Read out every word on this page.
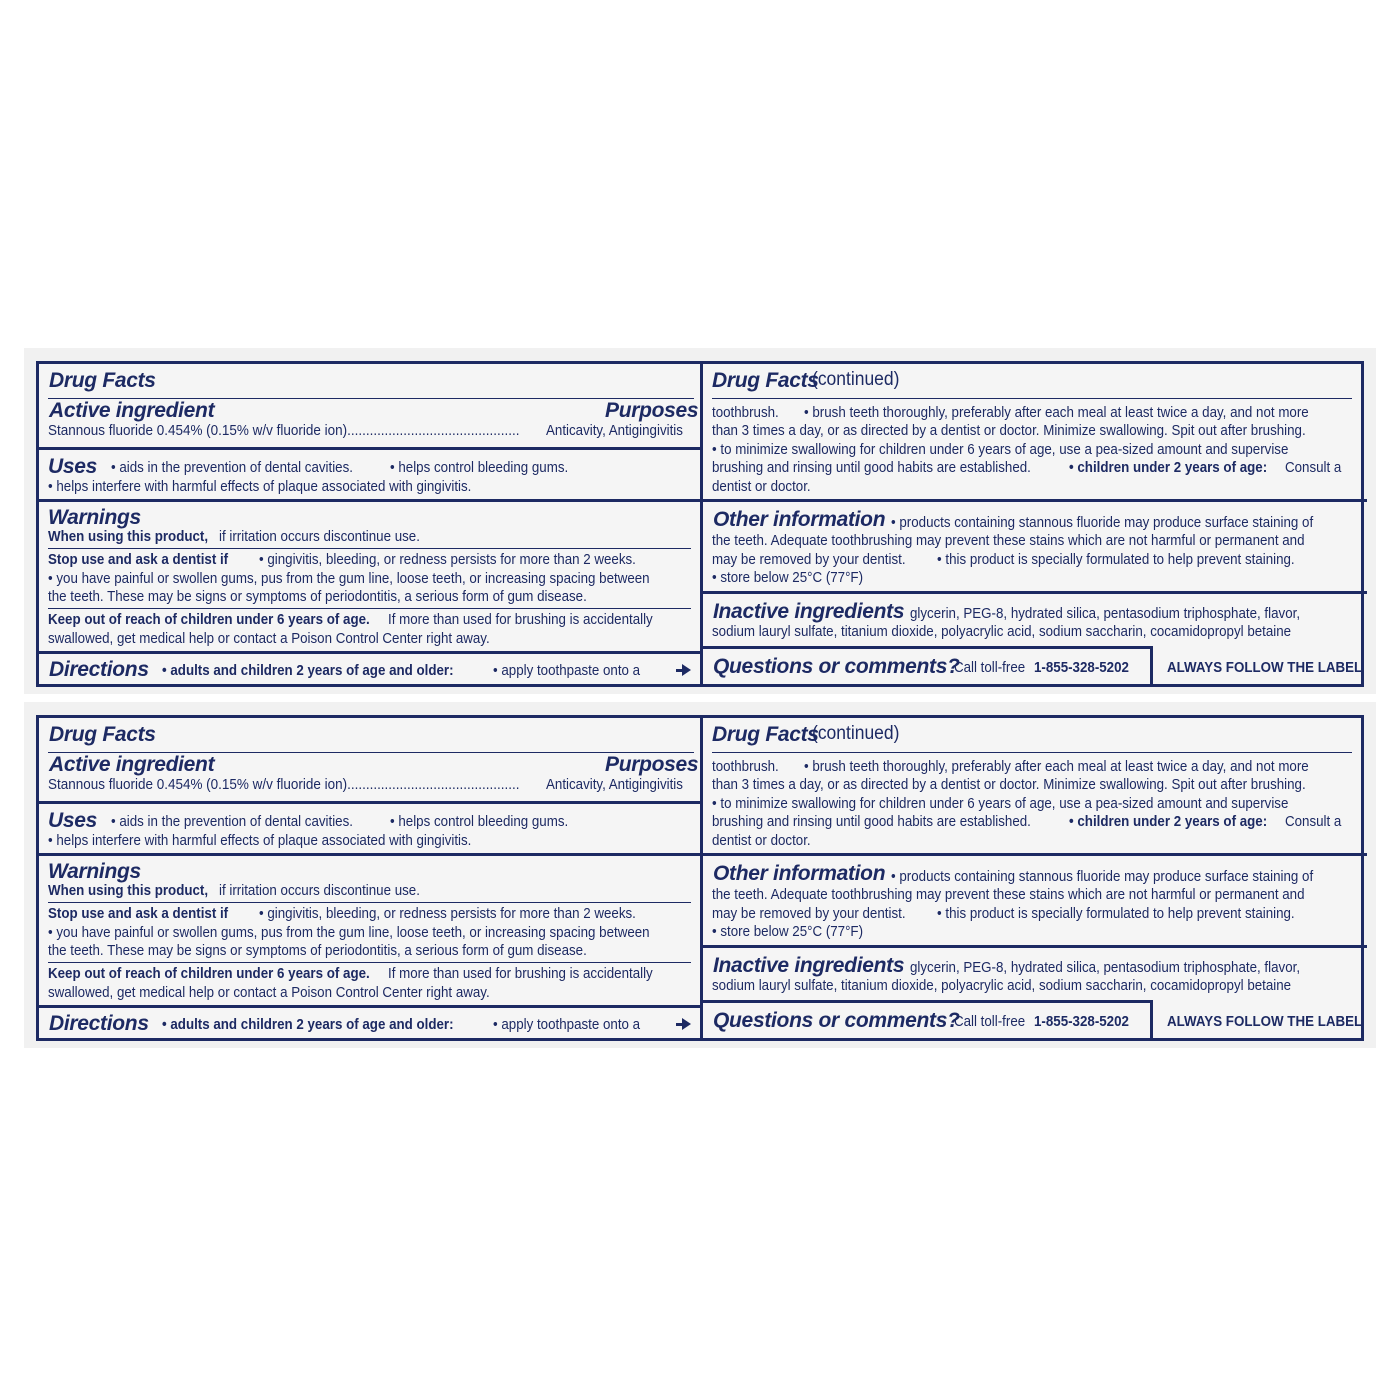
Drug Facts
Active ingredient	Purposes
Stannous fluoride 0.454% (0.15% w/v fluoride ion).............................................. Anticavity, Antigingivitis
Uses • aids in the prevention of dental cavities.	• helps control bleeding gums.
• helps interfere with harmful effects of plaque associated with gingivitis.
Warnings
When using this product, if irritation occurs discontinue use.
Stop use and ask a dentist if • gingivitis, bleeding, or redness persists for more than 2 weeks.
• you have painful or swollen gums, pus from the gum line, loose teeth, or increasing spacing between
the teeth. These may be signs or symptoms of periodontitis, a serious form of gum disease.
Keep out of reach of children under 6 years of age. If more than used for brushing is accidentally
swallowed, get medical help or contact a Poison Control Center right away.
Directions • adults and children 2 years of age and older:	• apply toothpaste onto a
Drug Facts
(continued)
toothbrush. • brush teeth thoroughly, preferably after each meal at least twice a day, and not more
than 3 times a day, or as directed by a dentist or doctor. Minimize swallowing. Spit out after brushing.
• to minimize swallowing for children under 6 years of age, use a pea-sized amount and supervise
brushing and rinsing until good habits are established.	• children under 2 years of age: Consult a
dentist or doctor.
Other information • products containing stannous fluoride may produce surface staining of
the teeth. Adequate toothbrushing may prevent these stains which are not harmful or permanent and
may be removed by your dentist. • this product is specially formulated to help prevent staining.
• store below 25°C (77°F)
Inactive ingredients glycerin, PEG-8, hydrated silica, pentasodium triphosphate, flavor,
sodium lauryl sulfate, titanium dioxide, polyacrylic acid, sodium saccharin, cocamidopropyl betaine
Questions or comments?
Call toll-free 1-855-328-5202	ALWAYS FOLLOW THE LABEL
Drug Facts
Active ingredient	Purposes
Stannous fluoride 0.454% (0.15% w/v fluoride ion).............................................. Anticavity, Antigingivitis
Uses • aids in the prevention of dental cavities.	• helps control bleeding gums.
• helps interfere with harmful effects of plaque associated with gingivitis.
Warnings
When using this product, if irritation occurs discontinue use.
Stop use and ask a dentist if • gingivitis, bleeding, or redness persists for more than 2 weeks.
• you have painful or swollen gums, pus from the gum line, loose teeth, or increasing spacing between
the teeth. These may be signs or symptoms of periodontitis, a serious form of gum disease.
Keep out of reach of children under 6 years of age. If more than used for brushing is accidentally
swallowed, get medical help or contact a Poison Control Center right away.
Directions • adults and children 2 years of age and older:	• apply toothpaste onto a
Drug Facts
(continued)
toothbrush. • brush teeth thoroughly, preferably after each meal at least twice a day, and not more
than 3 times a day, or as directed by a dentist or doctor. Minimize swallowing. Spit out after brushing.
• to minimize swallowing for children under 6 years of age, use a pea-sized amount and supervise
brushing and rinsing until good habits are established.	• children under 2 years of age: Consult a
dentist or doctor.
Other information • products containing stannous fluoride may produce surface staining of
the teeth. Adequate toothbrushing may prevent these stains which are not harmful or permanent and
may be removed by your dentist. • this product is specially formulated to help prevent staining.
• store below 25°C (77°F)
Inactive ingredients glycerin, PEG-8, hydrated silica, pentasodium triphosphate, flavor,
sodium lauryl sulfate, titanium dioxide, polyacrylic acid, sodium saccharin, cocamidopropyl betaine
Questions or comments?
Call toll-free 1-855-328-5202	ALWAYS FOLLOW THE LABEL
